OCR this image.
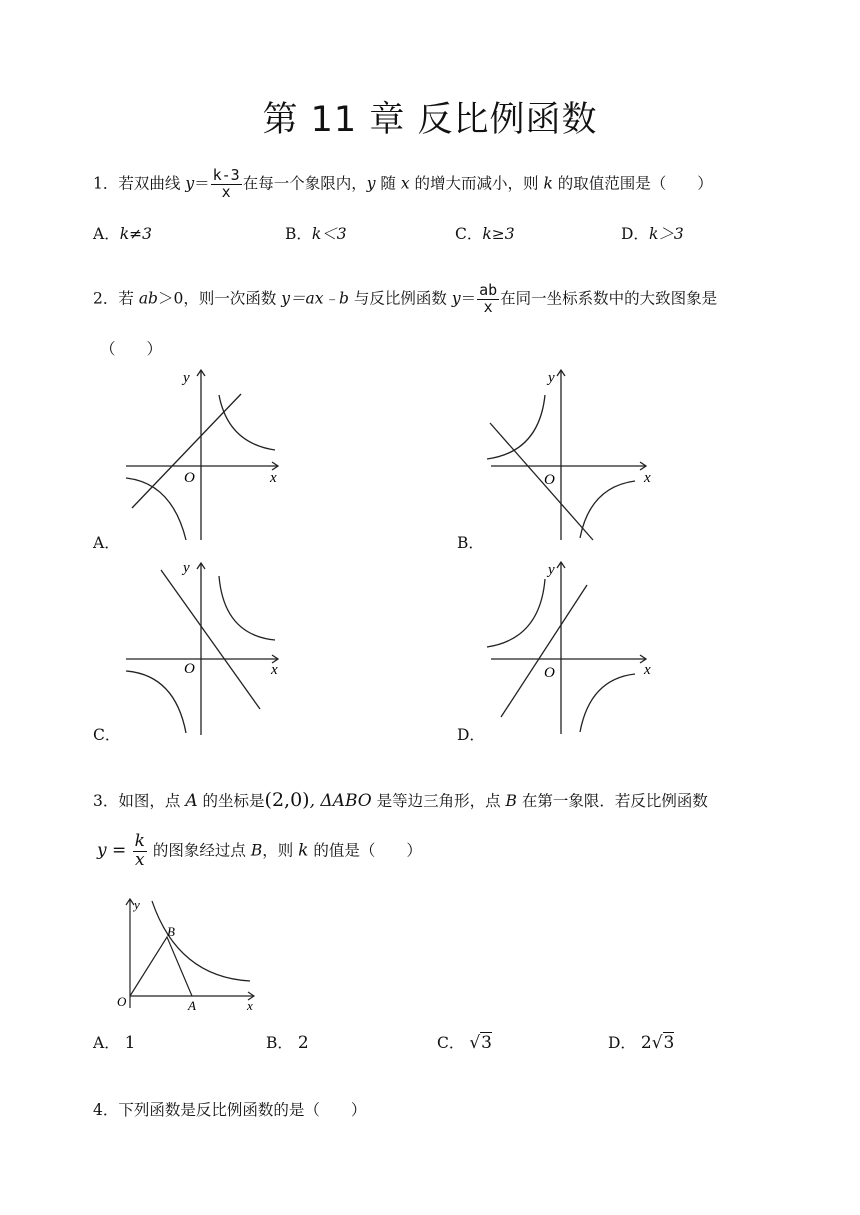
第 11 章 反比例函数
1．若双曲线 $y= \frac{k-3}{x}$ 在每一个象限内，y 随 x 的增大而减小，则 k 的取值范围是（　　）
A．k≠3	B．k＜3	C．k≥3	D．k＞3
2．若 ab＞0，则一次函数 y＝ax﹣b 与反比例函数 $y= \frac{ab}{x}$ 在同一坐标系数中的大致图象是
（　　）
y
x
O
A．
y
x
O
B．
y
x
O
C．
y
x
O
D．
3．如图，点 A 的坐标是(2,0), ΔABO 是等边三角形，点 B 在第一象限．若反比例函数
$y = \frac{k}{x}$ 的图象经过点 B，则 k 的值是（　　）
y
x
O	A
B
A． 1	B． 2	C． √3	D． 2√3
4．下列函数是反比例函数的是（　　）
